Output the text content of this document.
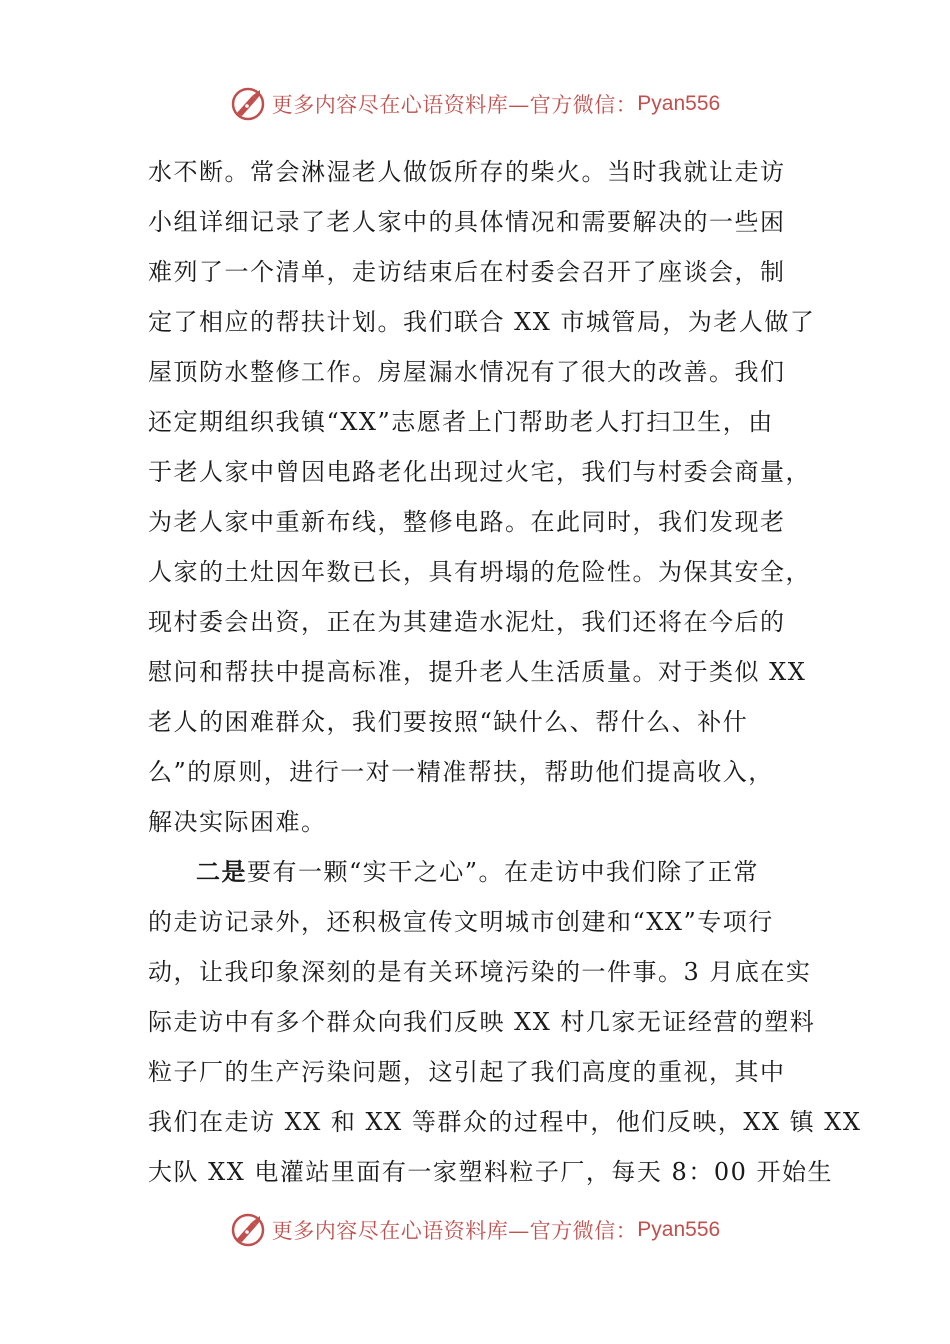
更多内容尽在心语资料库—官方微信： Pyan556
水不断。常会淋湿老人做饭所存的柴火。当时我就让走访
小组详细记录了老人家中的具体情况和需要解决的一些困
难列了一个清单，走访结束后在村委会召开了座谈会，制
定了相应的帮扶计划。我们联合 XX 市城管局，为老人做了
屋顶防水整修工作。房屋漏水情况有了很大的改善。我们
还定期组织我镇“XX”志愿者上门帮助老人打扫卫生，由
于老人家中曾因电路老化出现过火宅，我们与村委会商量，
为老人家中重新布线，整修电路。在此同时，我们发现老
人家的土灶因年数已长，具有坍塌的危险性。为保其安全，
现村委会出资，正在为其建造水泥灶，我们还将在今后的
慰问和帮扶中提高标准，提升老人生活质量。对于类似 XX
老人的困难群众，我们要按照“缺什么、帮什么、补什
么”的原则，进行一对一精准帮扶，帮助他们提高收入，
解决实际困难。
二是要有一颗“实干之心”。在走访中我们除了正常
的走访记录外，还积极宣传文明城市创建和“XX”专项行
动，让我印象深刻的是有关环境污染的一件事。3 月底在实
际走访中有多个群众向我们反映 XX 村几家无证经营的塑料
粒子厂的生产污染问题，这引起了我们高度的重视，其中
我们在走访 XX 和 XX 等群众的过程中，他们反映，XX 镇 XX
大队 XX 电灌站里面有一家塑料粒子厂，每天 8：00 开始生
更多内容尽在心语资料库—官方微信： Pyan556
